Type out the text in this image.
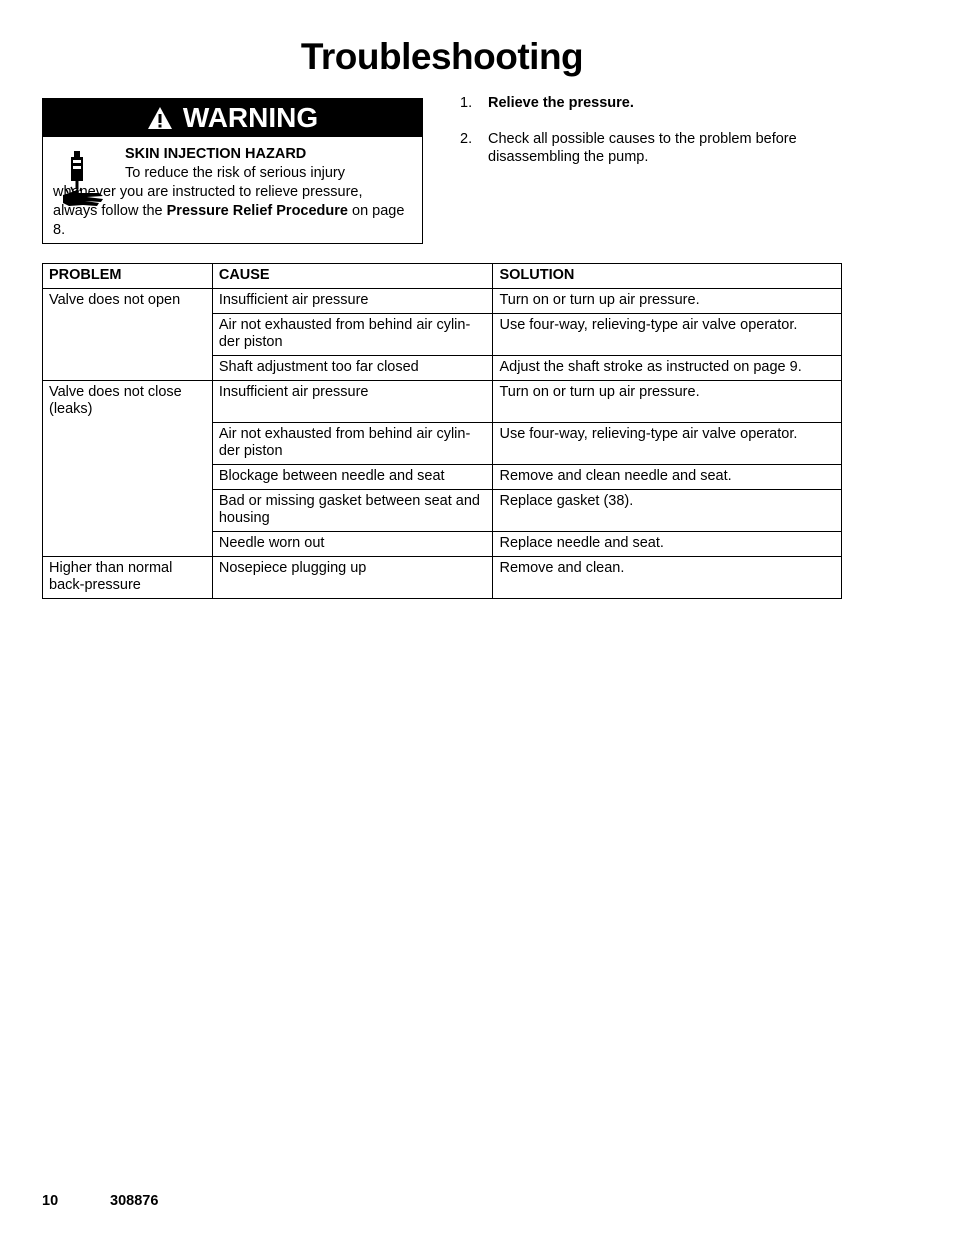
Troubleshooting
WARNING
SKIN INJECTION HAZARD
To reduce the risk of serious injury whenever you are instructed to relieve pressure, always follow the Pressure Relief Procedure on page 8.
1.	Relieve the pressure.
2.	Check all possible causes to the problem before disassembling the pump.
PROBLEM	CAUSE	SOLUTION
Valve does not open	Insufficient air pressure	Turn on or turn up air pressure.
	Air not exhausted from behind air cylin-der piston	Use four-way, relieving-type air valve operator.
	Shaft adjustment too far closed	Adjust the shaft stroke as instructed on page 9.
Valve does not close (leaks)	Insufficient air pressure	Turn on or turn up air pressure.
	Air not exhausted from behind air cylin-der piston	Use four-way, relieving-type air valve operator.
	Blockage between needle and seat	Remove and clean needle and seat.
	Bad or missing gasket between seat and housing	Replace gasket (38).
	Needle worn out	Replace needle and seat.
Higher than normal back-pressure	Nosepiece plugging up	Remove and clean.
10	308876
